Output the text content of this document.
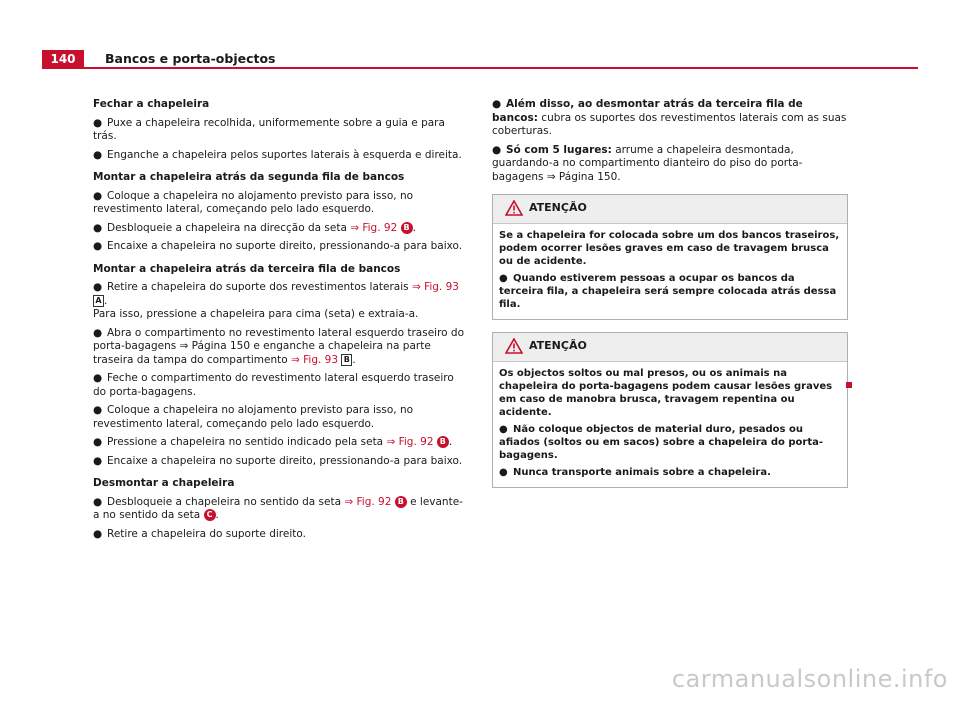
140	Bancos e porta-objectos
Fechar a chapeleira
● Puxe a chapeleira recolhida, uniformemente sobre a guia e para trás.
● Enganche a chapeleira pelos suportes laterais à esquerda e direita.
Montar a chapeleira atrás da segunda fila de bancos
● Coloque a chapeleira no alojamento previsto para isso, no revestimento lateral, começando pelo lado esquerdo.
● Desbloqueie a chapeleira na direcção da seta ⇒ Fig. 92 B .
● Encaixe a chapeleira no suporte direito, pressionando-a para baixo.
Montar a chapeleira atrás da terceira fila de bancos
● Retire a chapeleira do suporte dos revestimentos laterais ⇒ Fig. 93 A .
Para isso, pressione a chapeleira para cima (seta) e extraia-a.
● Abra o compartimento no revestimento lateral esquerdo traseiro do porta-bagagens ⇒ Página 150 e enganche a chapeleira na parte traseira da tampa do compartimento ⇒ Fig. 93 B .
● Feche o compartimento do revestimento lateral esquerdo traseiro do porta-bagagens.
● Coloque a chapeleira no alojamento previsto para isso, no revestimento lateral, começando pelo lado esquerdo.
● Pressione a chapeleira no sentido indicado pela seta ⇒ Fig. 92 B .
● Encaixe a chapeleira no suporte direito, pressionando-a para baixo.
Desmontar a chapeleira
● Desbloqueie a chapeleira no sentido da seta ⇒ Fig. 92 B e levante-a no sentido da seta C .
● Retire a chapeleira do suporte direito.
● Além disso, ao desmontar atrás da terceira fila de bancos: cubra os suportes dos revestimentos laterais com as suas coberturas.
● Só com 5 lugares: arrume a chapeleira desmontada, guardando-a no compartimento dianteiro do piso do porta-bagagens ⇒ Página 150.
ATENÇÃO

Se a chapeleira for colocada sobre um dos bancos traseiros, podem ocorrer lesões graves em caso de travagem brusca ou de acidente.

● Quando estiverem pessoas a ocupar os bancos da terceira fila, a chapeleira será sempre colocada atrás dessa fila.

ATENÇÃO

Os objectos soltos ou mal presos, ou os animais na chapeleira do porta-bagagens podem causar lesões graves em caso de manobra brusca, travagem repentina ou acidente.

● Não coloque objectos de material duro, pesados ou afiados (soltos ou em sacos) sobre a chapeleira do porta-bagagens.

● Nunca transporte animais sobre a chapeleira.

carmanualsonline.info
